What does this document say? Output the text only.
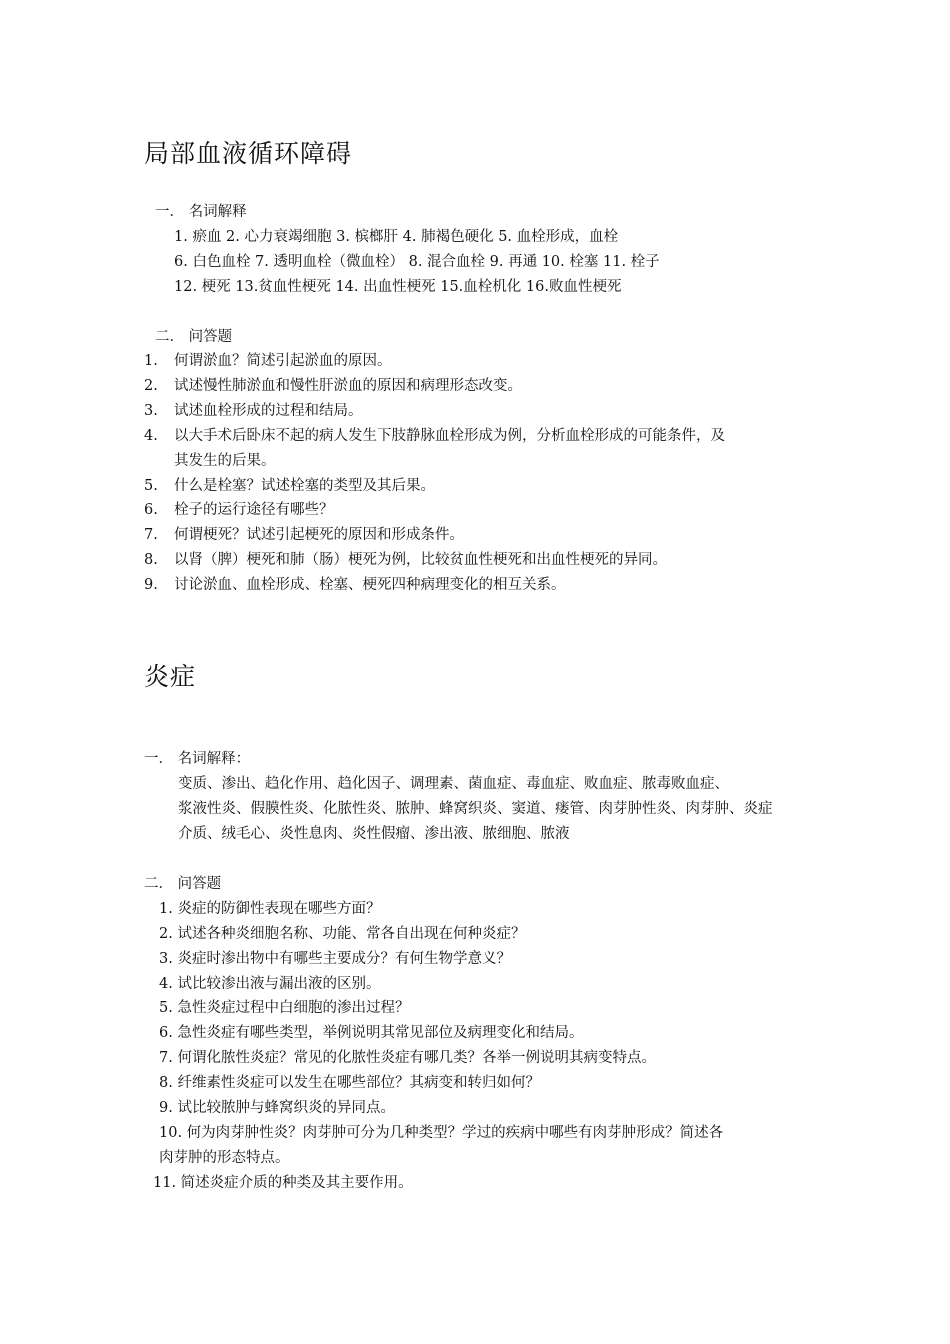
局部血液循环障碍
一． 名词解释
1. 瘀血 2. 心力衰竭细胞 3. 槟榔肝 4. 肺褐色硬化 5. 血栓形成，血栓
6. 白色血栓 7. 透明血栓（微血栓） 8. 混合血栓 9. 再通 10. 栓塞 11. 栓子
12. 梗死 13.贫血性梗死 14. 出血性梗死 15.血栓机化 16.败血性梗死
二． 问答题
1. 何谓淤血？简述引起淤血的原因。
2. 试述慢性肺淤血和慢性肝淤血的原因和病理形态改变。
3. 试述血栓形成的过程和结局。
4. 以大手术后卧床不起的病人发生下肢静脉血栓形成为例，分析血栓形成的可能条件，及
其发生的后果。
5. 什么是栓塞？试述栓塞的类型及其后果。
6. 栓子的运行途径有哪些？
7. 何谓梗死？试述引起梗死的原因和形成条件。
8. 以肾（脾）梗死和肺（肠）梗死为例，比较贫血性梗死和出血性梗死的异同。
9. 讨论淤血、血栓形成、栓塞、梗死四种病理变化的相互关系。
炎症
一． 名词解释：
变质、渗出、趋化作用、趋化因子、调理素、菌血症、毒血症、败血症、脓毒败血症、
浆液性炎、假膜性炎、化脓性炎、脓肿、蜂窝织炎、窦道、瘘管、肉芽肿性炎、肉芽肿、炎症
介质、绒毛心、炎性息肉、炎性假瘤、渗出液、脓细胞、脓液
二． 问答题
1. 炎症的防御性表现在哪些方面？
2. 试述各种炎细胞名称、功能、常各自出现在何种炎症？
3. 炎症时渗出物中有哪些主要成分？有何生物学意义？
4. 试比较渗出液与漏出液的区别。
5. 急性炎症过程中白细胞的渗出过程？
6. 急性炎症有哪些类型，举例说明其常见部位及病理变化和结局。
7. 何谓化脓性炎症？常见的化脓性炎症有哪几类？各举一例说明其病变特点。
8. 纤维素性炎症可以发生在哪些部位？其病变和转归如何？
9. 试比较脓肿与蜂窝织炎的异同点。
10. 何为肉芽肿性炎？肉芽肿可分为几种类型？学过的疾病中哪些有肉芽肿形成？简述各
肉芽肿的形态特点。
11. 简述炎症介质的种类及其主要作用。
